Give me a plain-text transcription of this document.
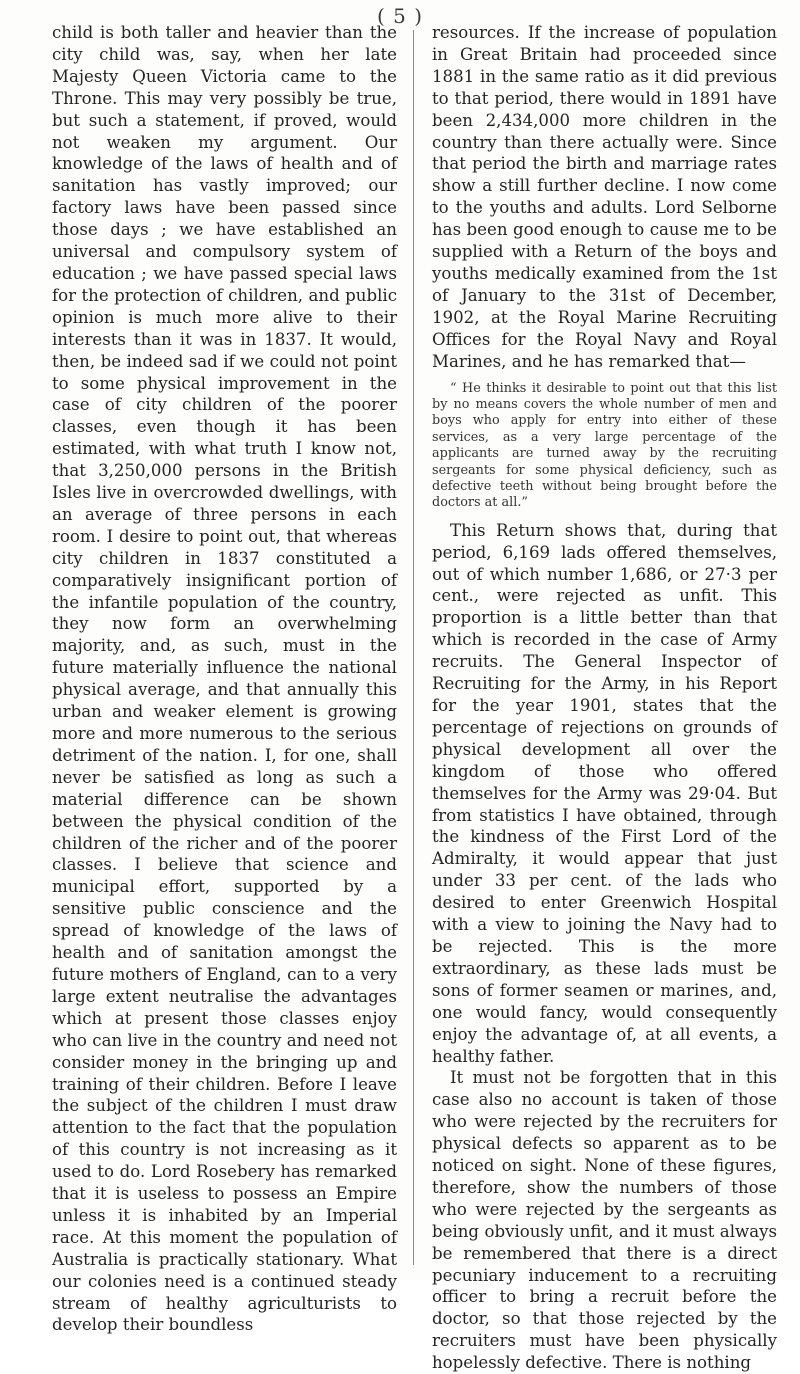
( 5 )

child is both taller and heavier than the city child was, say, when her late Majesty Queen Victoria came to the Throne. This may very possibly be true, but such a statement, if proved, would not weaken my argument. Our knowledge of the laws of health and of sanitation has vastly improved; our factory laws have been passed since those days ; we have established an universal and compulsory system of education ; we have passed special laws for the protection of children, and public opinion is much more alive to their interests than it was in 1837. It would, then, be indeed sad if we could not point to some physical improvement in the case of city children of the poorer classes, even though it has been estimated, with what truth I know not, that 3,250,000 persons in the British Isles live in overcrowded dwellings, with an average of three persons in each room. I desire to point out, that whereas city children in 1837 constituted a comparatively insignificant portion of the infantile population of the country, they now form an overwhelming majority, and, as such, must in the future materially influence the national physical average, and that annually this urban and weaker element is growing more and more numerous to the serious detriment of the nation. I, for one, shall never be satisfied as long as such a material difference can be shown between the physical condition of the children of the richer and of the poorer classes. I believe that science and municipal effort, supported by a sensitive public conscience and the spread of knowledge of the laws of health and of sanitation amongst the future mothers of England, can to a very large extent neutralise the advantages which at present those classes enjoy who can live in the country and need not consider money in the bringing up and training of their children. Before I leave the subject of the children I must draw attention to the fact that the population of this country is not increasing as it used to do. Lord Rosebery has remarked that it is useless to possess an Empire unless it is inhabited by an Imperial race. At this moment the population of Australia is practically stationary. What our colonies need is a continued steady stream of healthy agriculturists to develop their boundless

resources. If the increase of population in Great Britain had proceeded since 1881 in the same ratio as it did previous to that period, there would in 1891 have been 2,434,000 more children in the country than there actually were. Since that period the birth and marriage rates show a still further decline. I now come to the youths and adults. Lord Selborne has been good enough to cause me to be supplied with a Return of the boys and youths medically examined from the 1st of January to the 31st of December, 1902, at the Royal Marine Recruiting Offices for the Royal Navy and Royal Marines, and he has remarked that—

“ He thinks it desirable to point out that this list by no means covers the whole number of men and boys who apply for entry into either of these services, as a very large percentage of the applicants are turned away by the recruiting sergeants for some physical deficiency, such as defective teeth without being brought before the doctors at all.”

This Return shows that, during that period, 6,169 lads offered themselves, out of which number 1,686, or 27·3 per cent., were rejected as unfit. This proportion is a little better than that which is recorded in the case of Army recruits. The General Inspector of Recruiting for the Army, in his Report for the year 1901, states that the percentage of rejections on grounds of physical development all over the kingdom of those who offered themselves for the Army was 29·04. But from statistics I have obtained, through the kindness of the First Lord of the Admiralty, it would appear that just under 33 per cent. of the lads who desired to enter Greenwich Hospital with a view to joining the Navy had to be rejected. This is the more extraordinary, as these lads must be sons of former seamen or marines, and, one would fancy, would consequently enjoy the advantage of, at all events, a healthy father.

It must not be forgotten that in this case also no account is taken of those who were rejected by the recruiters for physical defects so apparent as to be noticed on sight. None of these figures, therefore, show the numbers of those who were rejected by the sergeants as being obviously unfit, and it must always be remembered that there is a direct pecuniary inducement to a recruiting officer to bring a recruit before the doctor, so that those rejected by the recruiters must have been physically hopelessly defective. There is nothing
